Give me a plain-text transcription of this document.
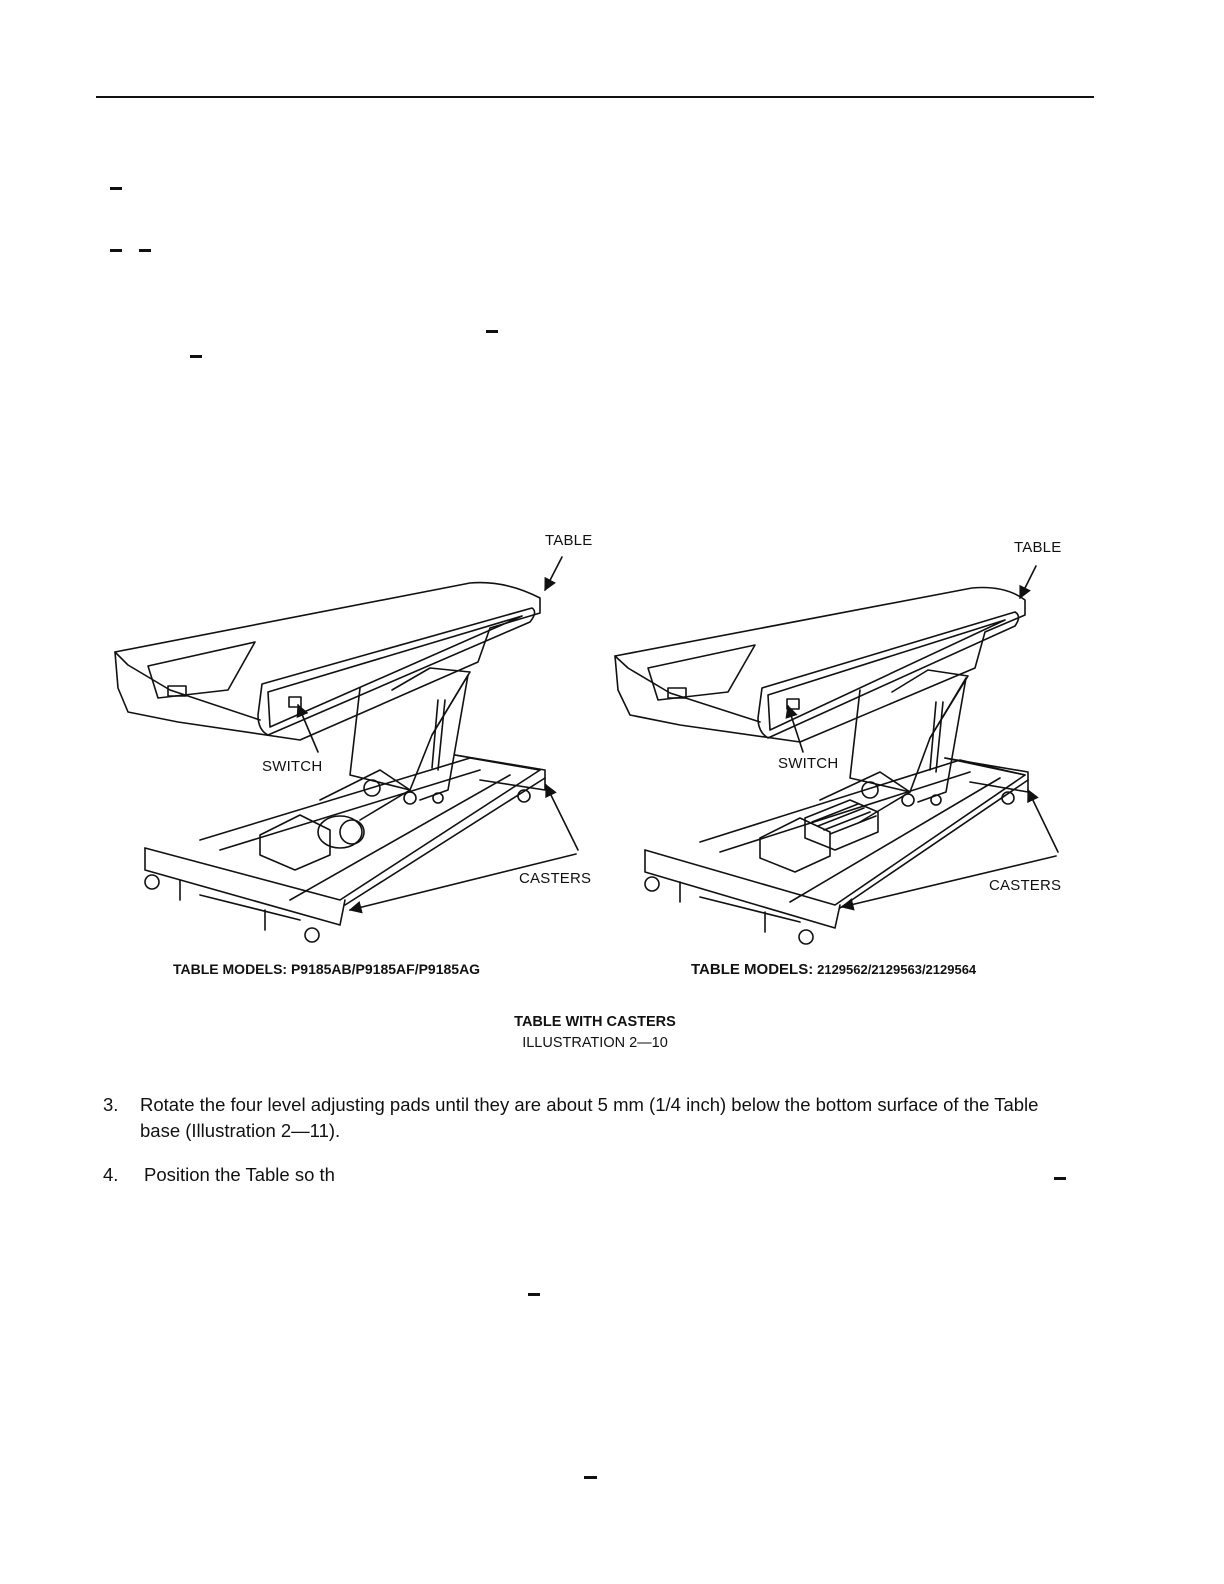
TABLE
SWITCH
CASTERS
TABLE
SWITCH
CASTERS
TABLE MODELS: P9185AB/P9185AF/P9185AG	TABLE MODELS: 2129562/2129563/2129564
TABLE WITH CASTERS
ILLUSTRATION 2—10
3. Rotate the four level adjusting pads until they are about 5 mm (1/4 inch) below the bottom surface of the Table
base (Illustration 2—11).
4. Position the Table so th
